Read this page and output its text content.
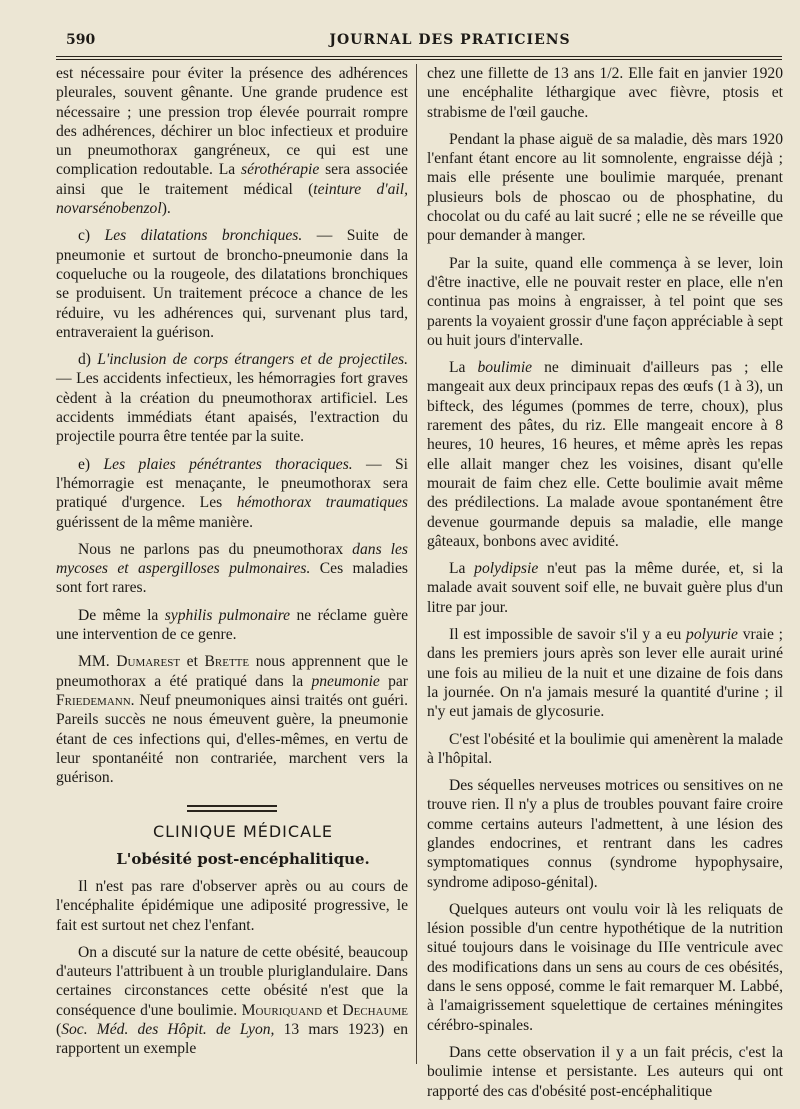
590	JOURNAL DES PRATICIENS

est nécessaire pour éviter la présence des adhérences pleurales, souvent gênante. Une grande prudence est nécessaire ; une pression trop élevée pourrait rompre des adhérences, déchirer un bloc infectieux et produire un pneumothorax gangréneux, ce qui est une complication redoutable. La sérothérapie sera associée ainsi que le traitement médical (teinture d'ail, novarsénobenzol).

c) Les dilatations bronchiques. — Suite de pneumonie et surtout de broncho-pneumonie dans la coqueluche ou la rougeole, des dilatations bronchiques se produisent. Un traitement précoce a chance de les réduire, vu les adhérences qui, survenant plus tard, entraveraient la guérison.

d) L'inclusion de corps étrangers et de projectiles. — Les accidents infectieux, les hémorragies fort graves cèdent à la création du pneumothorax artificiel. Les accidents immédiats étant apaisés, l'extraction du projectile pourra être tentée par la suite.

e) Les plaies pénétrantes thoraciques. — Si l'hémorragie est menaçante, le pneumothorax sera pratiqué d'urgence. Les hémothorax traumatiques guérissent de la même manière.

Nous ne parlons pas du pneumothorax dans les mycoses et aspergilloses pulmonaires. Ces maladies sont fort rares.

De même la syphilis pulmonaire ne réclame guère une intervention de ce genre.

MM. Dumarest et Brette nous apprennent que le pneumothorax a été pratiqué dans la pneumonie par Friedemann. Neuf pneumoniques ainsi traités ont guéri. Pareils succès ne nous émeuvent guère, la pneumonie étant de ces infections qui, d'elles-mêmes, en vertu de leur spontanéité non contrariée, marchent vers la guérison.

CLINIQUE MÉDICALE

L'obésité post-encéphalitique.

Il n'est pas rare d'observer après ou au cours de l'encéphalite épidémique une adiposité progressive, le fait est surtout net chez l'enfant.

On a discuté sur la nature de cette obésité, beaucoup d'auteurs l'attribuent à un trouble pluriglandulaire. Dans certaines circonstances cette obésité n'est que la conséquence d'une boulimie. Mouriquand et Dechaume (Soc. Méd. des Hôpit. de Lyon, 13 mars 1923) en rapportent un exemple

chez une fillette de 13 ans 1/2. Elle fait en janvier 1920 une encéphalite léthargique avec fièvre, ptosis et strabisme de l'œil gauche.

Pendant la phase aiguë de sa maladie, dès mars 1920 l'enfant étant encore au lit somnolente, engraisse déjà ; mais elle présente une boulimie marquée, prenant plusieurs bols de phoscao ou de phosphatine, du chocolat ou du café au lait sucré ; elle ne se réveille que pour demander à manger.

Par la suite, quand elle commença à se lever, loin d'être inactive, elle ne pouvait rester en place, elle n'en continua pas moins à engraisser, à tel point que ses parents la voyaient grossir d'une façon appréciable à sept ou huit jours d'intervalle.

La boulimie ne diminuait d'ailleurs pas ; elle mangeait aux deux principaux repas des œufs (1 à 3), un bifteck, des légumes (pommes de terre, choux), plus rarement des pâtes, du riz. Elle mangeait encore à 8 heures, 10 heures, 16 heures, et même après les repas elle allait manger chez les voisines, disant qu'elle mourait de faim chez elle. Cette boulimie avait même des prédilections. La malade avoue spontanément être devenue gourmande depuis sa maladie, elle mange gâteaux, bonbons avec avidité.

La polydipsie n'eut pas la même durée, et, si la malade avait souvent soif elle, ne buvait guère plus d'un litre par jour.

Il est impossible de savoir s'il y a eu polyurie vraie ; dans les premiers jours après son lever elle aurait uriné une fois au milieu de la nuit et une dizaine de fois dans la journée. On n'a jamais mesuré la quantité d'urine ; il n'y eut jamais de glycosurie.

C'est l'obésité et la boulimie qui amenèrent la malade à l'hôpital.

Des séquelles nerveuses motrices ou sensitives on ne trouve rien. Il n'y a plus de troubles pouvant faire croire comme certains auteurs l'admettent, à une lésion des glandes endocrines, et rentrant dans les cadres symptomatiques connus (syndrome hypophysaire, syndrome adiposo-génital).

Quelques auteurs ont voulu voir là les reliquats de lésion possible d'un centre hypothétique de la nutrition situé toujours dans le voisinage du IIIe ventricule avec des modifications dans un sens au cours de ces obésités, dans le sens opposé, comme le fait remarquer M. Labbé, à l'amaigrissement squelettique de certaines méningites cérébro-spinales.

Dans cette observation il y a un fait précis, c'est la boulimie intense et persistante. Les auteurs qui ont rapporté des cas d'obésité post-encéphalitique
